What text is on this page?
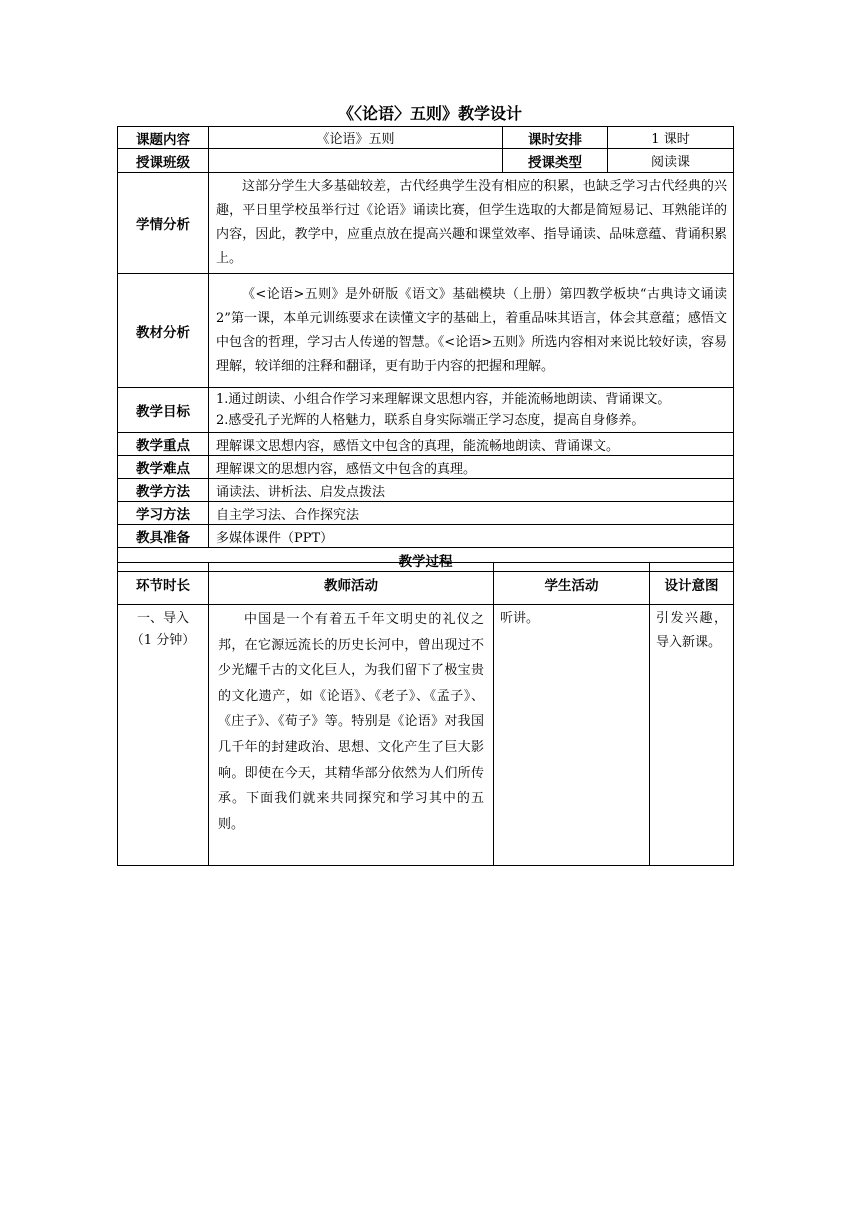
《〈论语〉五则》教学设计
课题内容	《论语》五则	课时安排	1 课时
授课班级		授课类型	阅读课
学情分析	这部分学生大多基础较差，古代经典学生没有相应的积累，也缺乏学习古代经典的兴趣，平日里学校虽举行过《论语》诵读比赛，但学生选取的大都是简短易记、耳熟能详的内容，因此，教学中，应重点放在提高兴趣和课堂效率、指导诵读、品味意蕴、背诵积累上。		
教材分析	《<论语>五则》是外研版《语文》基础模块（上册）第四教学板块“古典诗文诵读 2”第一课，本单元训练要求在读懂文字的基础上，着重品味其语言，体会其意蕴；感悟文中包含的哲理，学习古人传递的智慧。《<论语>五则》所选内容相对来说比较好读，容易理解，较详细的注释和翻译，更有助于内容的把握和理解。		
教学目标	1.通过朗读、小组合作学习来理解课文思想内容，并能流畅地朗读、背诵课文。
2.感受孔子光辉的人格魅力，联系自身实际端正学习态度，提高自身修养。		

教学重点	理解课文思想内容，感悟文中包含的真理，能流畅地朗读、背诵课文。		
教学难点	理解课文的思想内容，感悟文中包含的真理。		
教学方法	诵读法、讲析法、启发点拨法		
学习方法	自主学习法、合作探究法		
教具准备	多媒体课件（PPT）		
教学过程			
环节时长	教师活动	学生活动	设计意图

一、导入
（1 分钟）	中国是一个有着五千年文明史的礼仪之邦，在它源远流长的历史长河中，曾出现过不少光耀千古的文化巨人，为我们留下了极宝贵的文化遗产，如《论语》、《老子》、《孟子》、《庄子》、《荀子》等。特别是《论语》对我国几千年的封建政治、思想、文化产生了巨大影响。即使在今天，其精华部分依然为人们所传承。下面我们就来共同探究和学习其中的五则。	听讲。	引发兴趣，导入新课。
